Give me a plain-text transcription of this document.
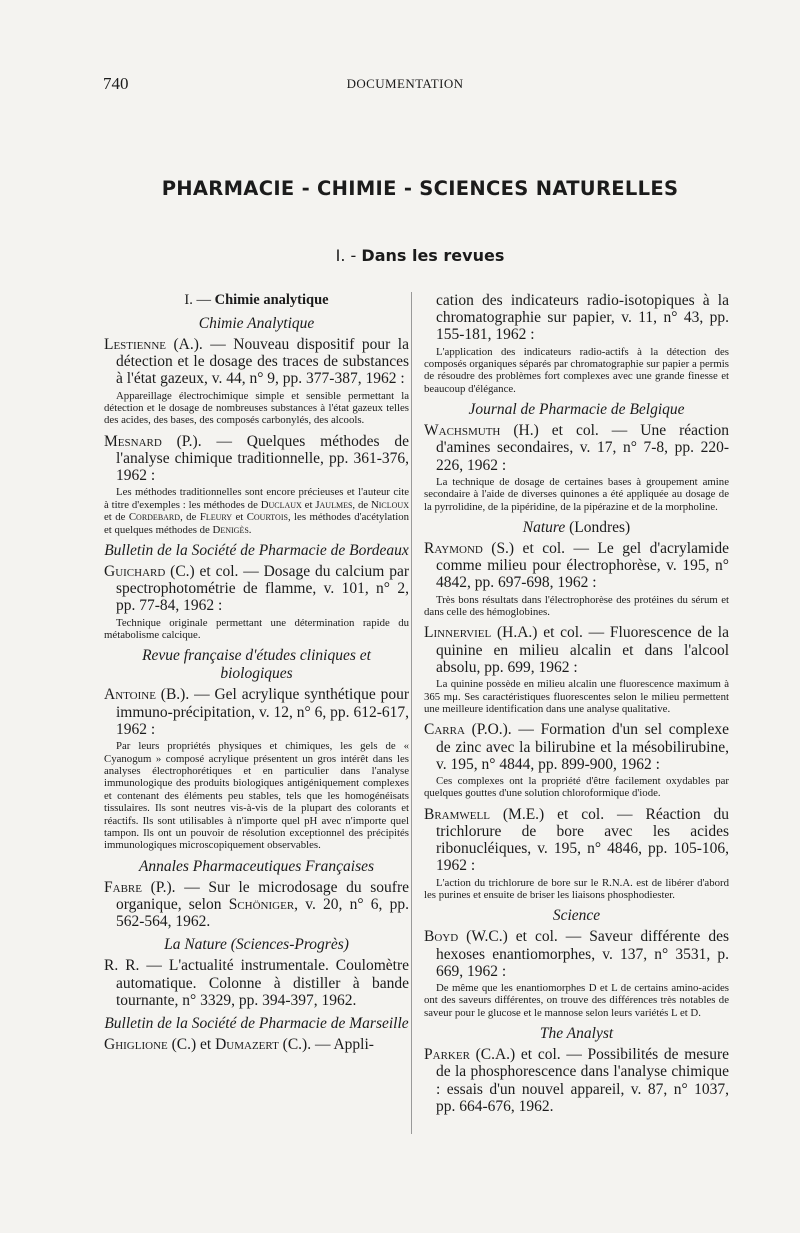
740	DOCUMENTATION
PHARMACIE - CHIMIE - SCIENCES NATURELLES
I. - Dans les revues
I. — Chimie analytique
Chimie Analytique

Lestienne (A.). — Nouveau dispositif pour la détection et le dosage des traces de substances à l'état gazeux, v. 44, n° 9, pp. 377-387, 1962 :

Appareillage électrochimique simple et sensible permettant la détection et le dosage de nombreuses substances à l'état gazeux telles des acides, des bases, des composés carbonylés, des alcools.

Mesnard (P.). — Quelques méthodes de l'analyse chimique traditionnelle, pp. 361-376, 1962 :

Les méthodes traditionnelles sont encore précieuses et l'auteur cite à titre d'exemples : les méthodes de Duclaux et Jaulmes, de Nicloux et de Cordebard, de Fleury et Courtois, les méthodes d'acétylation et quelques méthodes de Denigès.

Bulletin de la Société de Pharmacie de Bordeaux

Guichard (C.) et col. — Dosage du calcium par spectrophotométrie de flamme, v. 101, n° 2, pp. 77-84, 1962 :

Technique originale permettant une détermination rapide du métabolisme calcique.

Revue française d'études cliniques et biologiques

Antoine (B.). — Gel acrylique synthétique pour immuno-précipitation, v. 12, n° 6, pp. 612-617, 1962 :

Par leurs propriétés physiques et chimiques, les gels de « Cyanogum » composé acrylique présentent un gros intérêt dans les analyses électrophorétiques et en particulier dans l'analyse immunologique des produits biologiques antigéniquement complexes et contenant des éléments peu stables, tels que les homogénéisats tissulaires. Ils sont neutres vis-à-vis de la plupart des colorants et réactifs. Ils sont utilisables à n'importe quel pH avec n'importe quel tampon. Ils ont un pouvoir de résolution exceptionnel des précipités immunologiques microscopiquement observables.

Annales Pharmaceutiques Françaises

Fabre (P.). — Sur le microdosage du soufre organique, selon Schöniger, v. 20, n° 6, pp. 562-564, 1962.

La Nature (Sciences-Progrès)

R. R. — L'actualité instrumentale. Coulomètre automatique. Colonne à distiller à bande tournante, n° 3329, pp. 394-397, 1962.

Bulletin de la Société de Pharmacie de Marseille

Ghiglione (C.) et Dumazert (C.). — Appli-

cation des indicateurs radio-isotopiques à la chromatographie sur papier, v. 11, n° 43, pp. 155-181, 1962 :

L'application des indicateurs radio-actifs à la détection des composés organiques séparés par chromatographie sur papier a permis de résoudre des problèmes fort complexes avec une grande finesse et beaucoup d'élégance.

Journal de Pharmacie de Belgique

Wachsmuth (H.) et col. — Une réaction d'amines secondaires, v. 17, n° 7-8, pp. 220-226, 1962 :

La technique de dosage de certaines bases à groupement amine secondaire à l'aide de diverses quinones a été appliquée au dosage de la pyrrolidine, de la pipéridine, de la pipérazine et de la morpholine.

Nature (Londres)

Raymond (S.) et col. — Le gel d'acrylamide comme milieu pour électrophorèse, v. 195, n° 4842, pp. 697-698, 1962 :

Très bons résultats dans l'électrophorèse des protéines du sérum et dans celle des hémoglobines.

Linnerviel (H.A.) et col. — Fluorescence de la quinine en milieu alcalin et dans l'alcool absolu, pp. 699, 1962 :

La quinine possède en milieu alcalin une fluorescence maximum à 365 mμ. Ses caractéristiques fluorescentes selon le milieu permettent une meilleure identification dans une analyse qualitative.

Carra (P.O.). — Formation d'un sel complexe de zinc avec la bilirubine et la mésobilirubine, v. 195, n° 4844, pp. 899-900, 1962 :

Ces complexes ont la propriété d'être facilement oxydables par quelques gouttes d'une solution chloroformique d'iode.

Bramwell (M.E.) et col. — Réaction du trichlorure de bore avec les acides ribonucléiques, v. 195, n° 4846, pp. 105-106, 1962 :

L'action du trichlorure de bore sur le R.N.A. est de libérer d'abord les purines et ensuite de briser les liaisons phosphodiester.

Science

Boyd (W.C.) et col. — Saveur différente des hexoses enantiomorphes, v. 137, n° 3531, p. 669, 1962 :

De même que les enantiomorphes D et L de certains amino-acides ont des saveurs différentes, on trouve des différences très notables de saveur pour le glucose et le mannose selon leurs variétés L et D.

The Analyst

Parker (C.A.) et col. — Possibilités de mesure de la phosphorescence dans l'analyse chimique : essais d'un nouvel appareil, v. 87, n° 1037, pp. 664-676, 1962.
